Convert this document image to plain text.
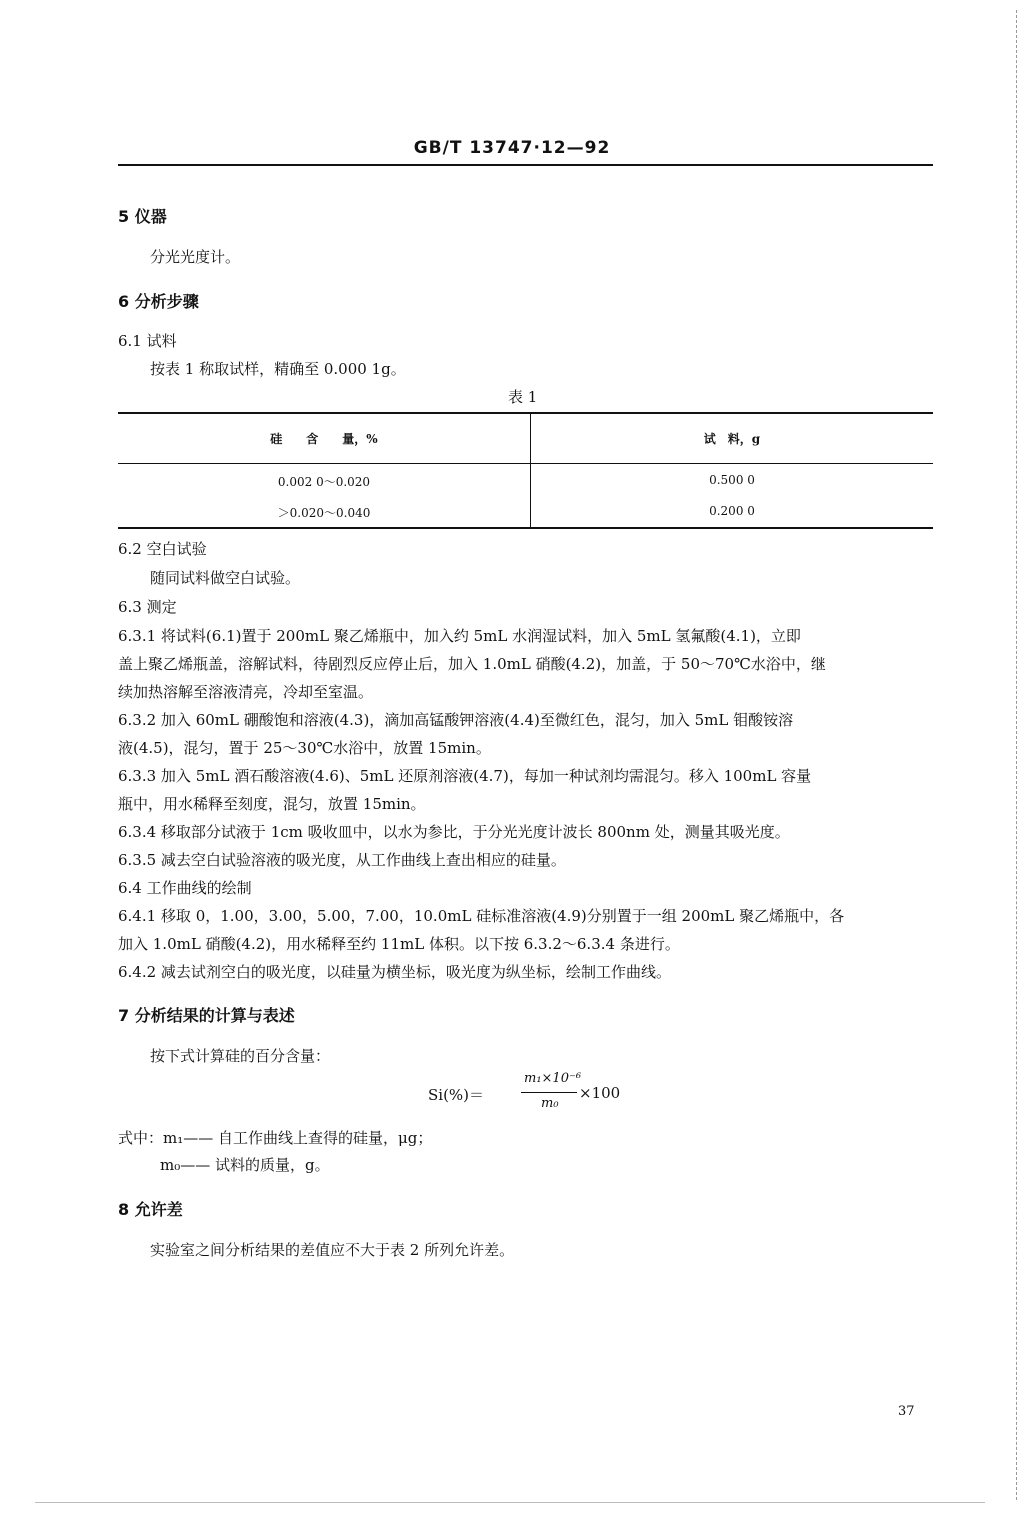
GB/T 13747·12—92
5 仪器
分光光度计。
6 分析步骤
6.1 试料
按表 1 称取试样，精确至 0.000 1g。
表 1
硅　　含　　量，%	试　料，g
0.002 0～0.020	0.500 0
＞0.020～0.040	0.200 0
6.2 空白试验
随同试料做空白试验。
6.3 测定
6.3.1 将试料(6.1)置于 200mL 聚乙烯瓶中，加入约 5mL 水润湿试料，加入 5mL 氢氟酸(4.1)，立即
盖上聚乙烯瓶盖，溶解试料，待剧烈反应停止后，加入 1.0mL 硝酸(4.2)，加盖，于 50～70℃水浴中，继
续加热溶解至溶液清亮，冷却至室温。
6.3.2 加入 60mL 硼酸饱和溶液(4.3)，滴加高锰酸钾溶液(4.4)至微红色，混匀，加入 5mL 钼酸铵溶
液(4.5)，混匀，置于 25～30℃水浴中，放置 15min。
6.3.3 加入 5mL 酒石酸溶液(4.6)、5mL 还原剂溶液(4.7)，每加一种试剂均需混匀。移入 100mL 容量
瓶中，用水稀释至刻度，混匀，放置 15min。
6.3.4 移取部分试液于 1cm 吸收皿中，以水为参比，于分光光度计波长 800nm 处，测量其吸光度。
6.3.5 减去空白试验溶液的吸光度，从工作曲线上查出相应的硅量。
6.4 工作曲线的绘制
6.4.1 移取 0，1.00，3.00，5.00，7.00，10.0mL 硅标准溶液(4.9)分别置于一组 200mL 聚乙烯瓶中，各
加入 1.0mL 硝酸(4.2)，用水稀释至约 11mL 体积。以下按 6.3.2～6.3.4 条进行。
6.4.2 减去试剂空白的吸光度，以硅量为横坐标，吸光度为纵坐标，绘制工作曲线。
7 分析结果的计算与表述
按下式计算硅的百分含量：
Si(%)＝
m₁×10⁻⁶
m₀
×100
式中：m₁—— 自工作曲线上查得的硅量，μg；
m₀—— 试料的质量，g。
8 允许差
实验室之间分析结果的差值应不大于表 2 所列允许差。
37
